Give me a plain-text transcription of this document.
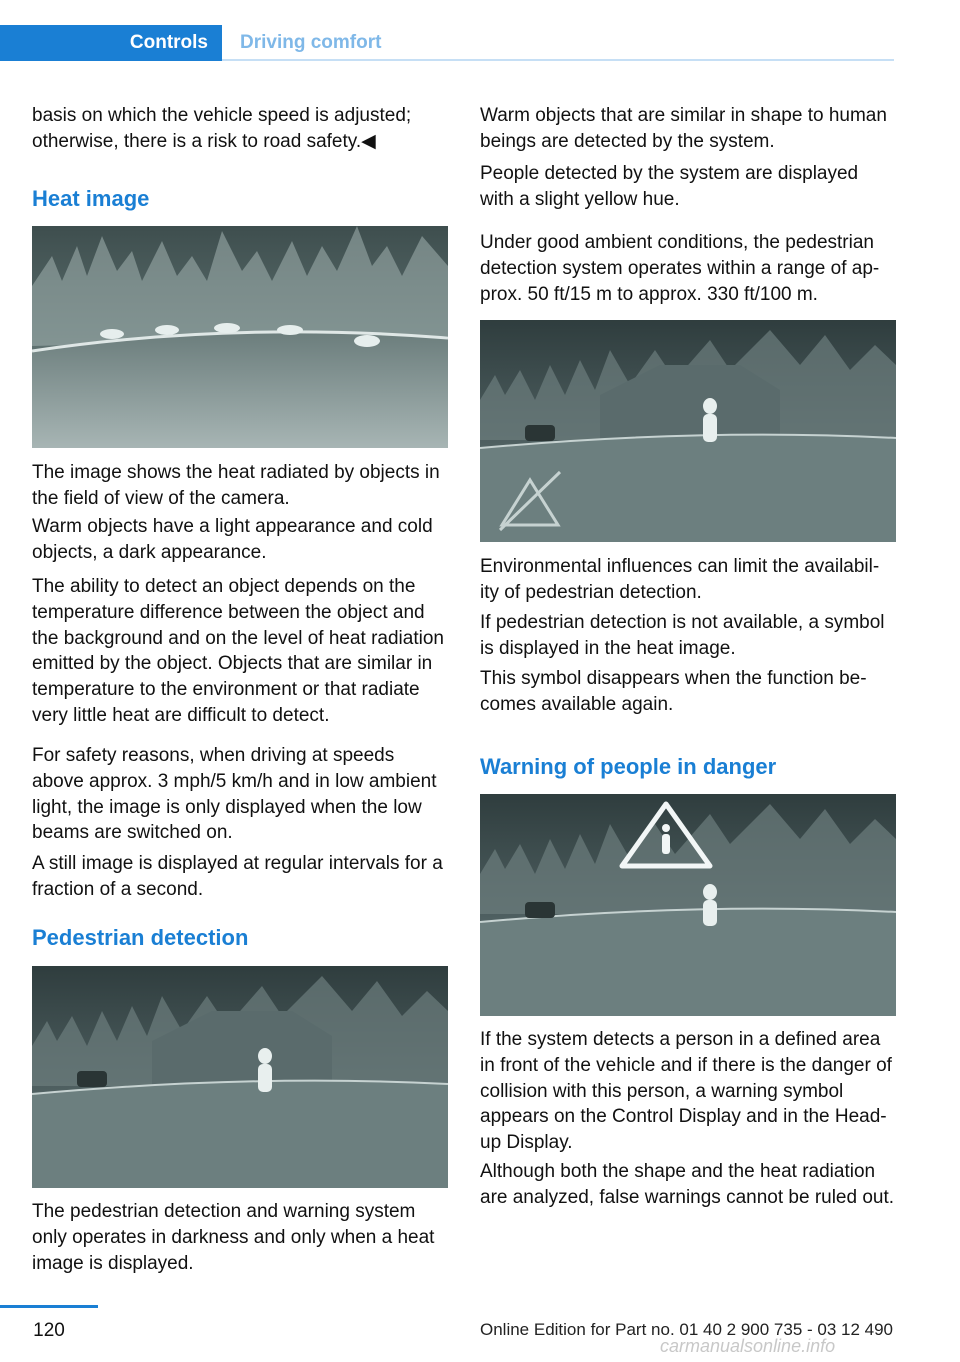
Controls Driving comfort

basis on which the vehicle speed is adjusted; otherwise, there is a risk to road safety.◀

Heat image

The image shows the heat radiated by objects in the field of view of the camera.

Warm objects have a light appearance and cold objects, a dark appearance.

The ability to detect an object depends on the temperature difference between the object and the background and on the level of heat radiation emitted by the object. Objects that are similar in temperature to the environment or that radiate very little heat are difficult to detect.

For safety reasons, when driving at speeds above approx. 3 mph/5 km/h and in low ambient light, the image is only displayed when the low beams are switched on.

A still image is displayed at regular intervals for a fraction of a second.

Pedestrian detection

The pedestrian detection and warning system only operates in darkness and only when a heat image is displayed.

Warm objects that are similar in shape to human beings are detected by the system.

People detected by the system are displayed with a slight yellow hue.

Under good ambient conditions, the pedestrian detection system operates within a range of ap-prox. 50 ft/15 m to approx. 330 ft/100 m.

Environmental influences can limit the availabil-ity of pedestrian detection.

If pedestrian detection is not available, a symbol is displayed in the heat image.

This symbol disappears when the function be-comes available again.

Warning of people in danger

If the system detects a person in a defined area in front of the vehicle and if there is the danger of collision with this person, a warning symbol appears on the Control Display and in the Head-up Display.

Although both the shape and the heat radiation are analyzed, false warnings cannot be ruled out.

120	Online Edition for Part no. 01 40 2 900 735 - 03 12 490
carmanualsonline.info
